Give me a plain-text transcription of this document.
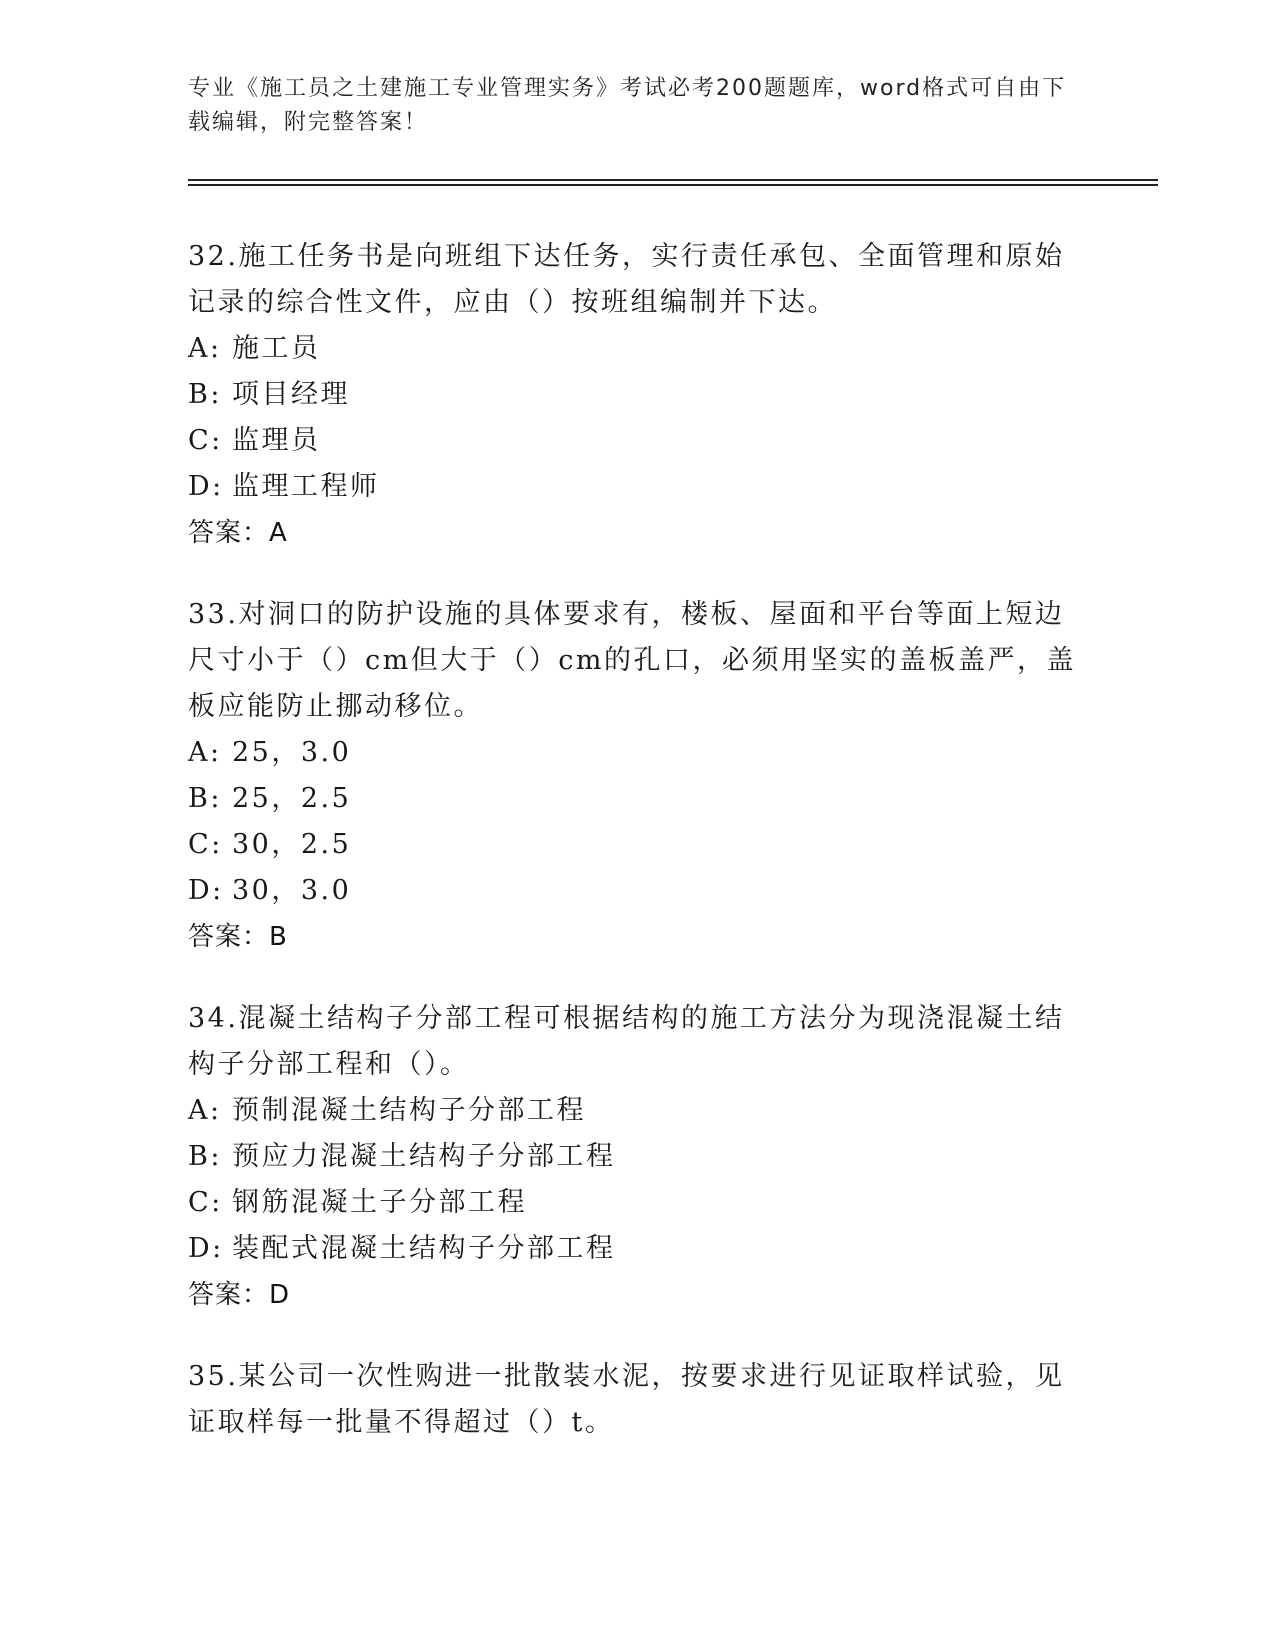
专业《施工员之土建施工专业管理实务》考试必考200题题库，word格式可自由下载编辑，附完整答案！

32.施工任务书是向班组下达任务，实行责任承包、全面管理和原始记录的综合性文件，应由（）按班组编制并下达。

A: 施工员

B: 项目经理

C: 监理员

D: 监理工程师

答案：A

33.对洞口的防护设施的具体要求有，楼板、屋面和平台等面上短边尺寸小于（）cm但大于（）cm的孔口，必须用坚实的盖板盖严，盖板应能防止挪动移位。

A: 25，3.0

B: 25，2.5

C: 30，2.5

D: 30，3.0

答案：B

34.混凝土结构子分部工程可根据结构的施工方法分为现浇混凝土结构子分部工程和（）。

A: 预制混凝土结构子分部工程

B: 预应力混凝土结构子分部工程

C: 钢筋混凝土子分部工程

D: 装配式混凝土结构子分部工程

答案：D

35.某公司一次性购进一批散装水泥，按要求进行见证取样试验，见证取样每一批量不得超过（）t。
